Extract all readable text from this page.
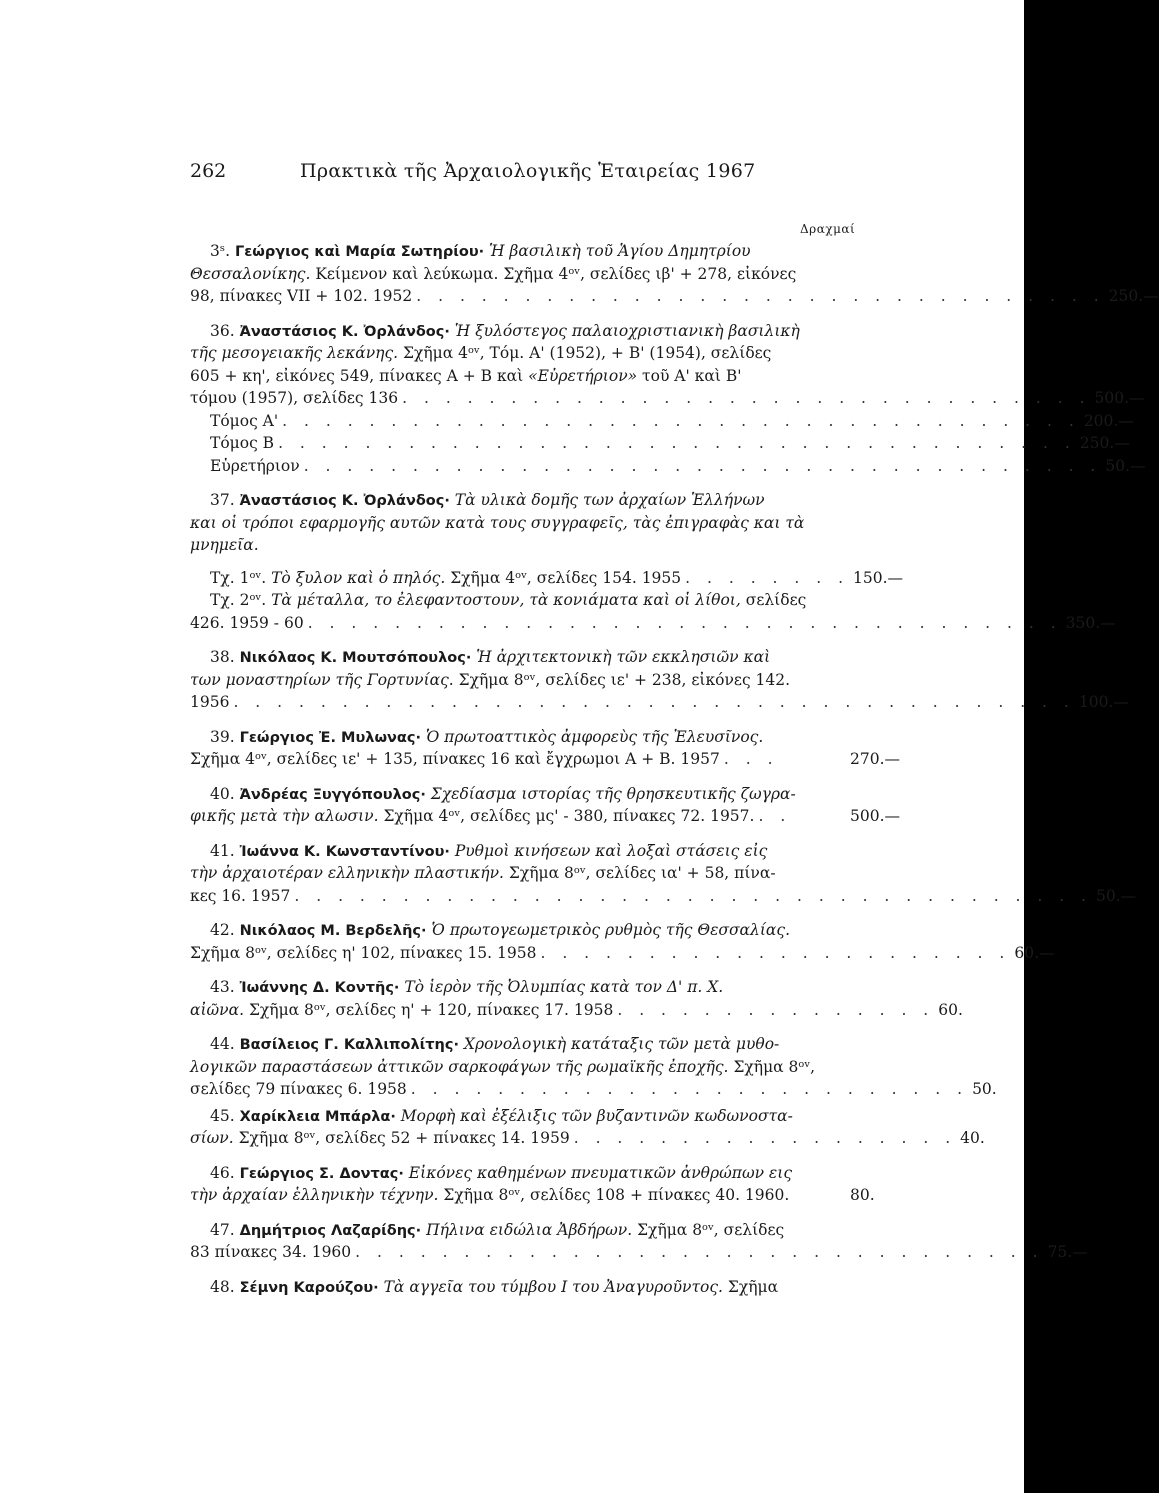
262	Πρακτικὰ τῆς Ἀρχαιολογικῆς Ἑταιρείας 1967
Δραχμαί
3ˢ. Γεώργιος καὶ Μαρία Σωτηρίου· Ἡ βασιλικὴ τοῦ Ἁγίου Δημητρίου
Θεσσαλονίκης. Κείμενον καὶ λεύκωμα. Σχῆμα 4ᵒᵛ, σελίδες ιβ' + 278, εἰκόνες
98, πίνακες VII + 102. 1952 . . . . . . . . . . . . . . . . . . . . . . . . . . . . . . . . 250.—
36. Ἀναστάσιος Κ. Ὀρλάνδος· Ἡ ξυλόστεγος παλαιοχριστιανικὴ βασιλικὴ
τῆς μεσογειακῆς λεκάνης. Σχῆμα 4ᵒᵛ, Τόμ. Α' (1952), + Β' (1954), σελίδες
605 + κη', εἰκόνες 549, πίνακες Α + Β καὶ «Εὐρετήριον» τοῦ Α' καὶ Β'
τόμου (1957), σελίδες 136 . . . . . . . . . . . . . . . . . . . . . . . . . . . . . . . . 500.—
Τόμος Α' . . . . . . . . . . . . . . . . . . . . . . . . . . . . . . . . . . . . . 200.—
Τόμος Β . . . . . . . . . . . . . . . . . . . . . . . . . . . . . . . . . . . . . 250.—
Εὑρετήριον . . . . . . . . . . . . . . . . . . . . . . . . . . . . . . . . . . . . . 50.—
37. Ἀναστάσιος Κ. Ὀρλάνδος· Τὰ υλικὰ δομῆς των ἀρχαίων Ἑλλήνων
και οἱ τρόποι εφαρμογῆς αυτῶν κατὰ τους συγγραφεῖς, τὰς ἐπιγραφὰς και τὰ
μνημεῖα.
Τχ. 1ᵒᵛ. Τὸ ξυλον καὶ ὁ πηλός. Σχῆμα 4ᵒᵛ, σελίδες 154. 1955 . . . . . . . . 150.—
Τχ. 2ᵒᵛ. Τὰ μέταλλα, το ἐλεφαντοστουν, τὰ κονιάματα καὶ οἱ λίθοι, σελίδες
426. 1959 - 60 . . . . . . . . . . . . . . . . . . . . . . . . . . . . . . . . . . . 350.—
38. Νικόλαος Κ. Μουτσόπουλος· Ἡ ἀρχιτεκτονικὴ τῶν εκκλησιῶν καὶ
των μοναστηρίων τῆς Γορτυνίας. Σχῆμα 8ᵒᵛ, σελίδες ιε' + 238, εἰκόνες 142.
1956 . . . . . . . . . . . . . . . . . . . . . . . . . . . . . . . . . . . . . . . 100.—
39. Γεώργιος Ἐ. Μυλωνας· Ὁ πρωτοαττικὸς ἀμφορεὺς τῆς Ἐλευσῖνος.
Σχῆμα 4ᵒᵛ, σελίδες ιε' + 135, πίνακες 16 καὶ ἔγχρωμοι Α + Β. 1957 . . .	270.—
40. Ἀνδρέας Ξυγγόπουλος· Σχεδίασμα ιστορίας τῆς θρησκευτικῆς ζωγρα-
φικῆς μετὰ τὴν αλωσιν. Σχῆμα 4ᵒᵛ, σελίδες μς' - 380, πίνακες 72. 1957. . .	500.—
41. Ἰωάννα Κ. Κωνσταντίνου· Ρυθμοὶ κινήσεων καὶ λοξαὶ στάσεις εἰς
τὴν ἀρχαιοτέραν ελληνικὴν πλαστικήν. Σχῆμα 8ᵒᵛ, σελίδες ια' + 58, πίνα-
κες 16. 1957 . . . . . . . . . . . . . . . . . . . . . . . . . . . . . . . . . . . . . 50.—
42. Νικόλαος Μ. Βερδελῆς· Ὁ πρωτογεωμετρικὸς ρυθμὸς τῆς Θεσσαλίας.
Σχῆμα 8ᵒᵛ, σελίδες η' 102, πίνακες 15. 1958 . . . . . . . . . . . . . . . . . . . . . . 60.—
43. Ἰωάννης Δ. Κοντῆς· Τὸ ἱερὸν τῆς Ὀλυμπίας κατὰ τον Δ' π. Χ.
αἰῶνα. Σχῆμα 8ᵒᵛ, σελίδες η' + 120, πίνακες 17. 1958 . . . . . . . . . . . . . . . 60.
44. Βασίλειος Γ. Καλλιπολίτης· Χρονολογικὴ κατάταξις τῶν μετὰ μυθο-
λογικῶν παραστάσεων ἀττικῶν σαρκοφάγων τῆς ρωμαϊκῆς ἐποχῆς. Σχῆμα 8ᵒᵛ,
σελίδες 79 πίνακες 6. 1958 . . . . . . . . . . . . . . . . . . . . . . . . . . 50.
45. Χαρίκλεια Μπάρλα· Μορφὴ καὶ ἐξέλιξις τῶν βυζαντινῶν κωδωνοστα-
σίων. Σχῆμα 8ᵒᵛ, σελίδες 52 + πίνακες 14. 1959 . . . . . . . . . . . . . . . . . . 40.
46. Γεώργιος Σ. Δοντας· Εἰκόνες καθημένων πνευματικῶν ἀνθρώπων εις
τὴν ἀρχαίαν ἑλληνικὴν τέχνην. Σχῆμα 8ᵒᵛ, σελίδες 108 + πίνακες 40. 1960.	80.
47. Δημήτριος Λαζαρίδης· Πήλινα ειδώλια Ἀβδήρων. Σχῆμα 8ᵒᵛ, σελίδες
83 πίνακες 34. 1960 . . . . . . . . . . . . . . . . . . . . . . . . . . . . . . . . 75.—
48. Σέμνη Καρούζου· Τὰ αγγεῖα του τύμβου I του Ἀναγυροῦντος. Σχῆμα
